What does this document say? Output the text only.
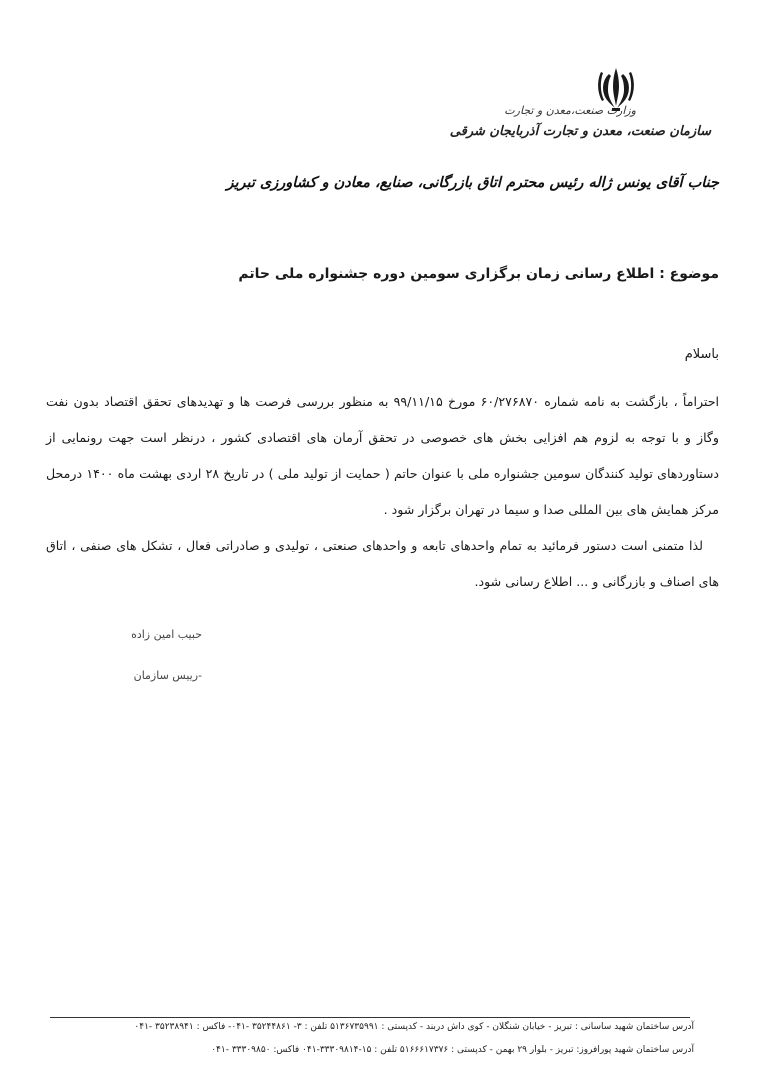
وزارت صنعت،معدن و تجارت
سازمان صنعت، معدن و تجارت آذربایجان شرقی
جناب آقای یونس ژاله رئیس محترم اتاق بازرگانی، صنایع، معادن و کشاورزی تبریز
موضوع : اطلاع رسانی زمان برگزاری سومین دوره جشنواره ملی حاتم
باسلام

احتراماً ، بازگشت به نامه شماره ۶۰/۲۷۶۸۷۰ مورخ ۹۹/۱۱/۱۵ به منظور بررسی فرصت ها و تهدیدهای تحقق اقتصاد بدون نفت وگاز و با توجه به لزوم هم افزایی بخش های خصوصی در تحقق آرمان های اقتصادی کشور ، درنظر است جهت رونمایی از دستاوردهای تولید کنندگان سومین جشنواره ملی با عنوان حاتم ( حمایت از تولید ملی ) در تاریخ ۲۸ اردی بهشت ماه ۱۴۰۰ درمحل مرکز همایش های بین المللی صدا و سیما در تهران برگزار شود .

لذا متمنی است دستور فرمائید به تمام واحدهای تابعه و واحدهای صنعتی ، تولیدی و صادراتی فعال ، تشکل های صنفی ، اتاق های اصناف و بازرگانی و ... اطلاع رسانی شود.

حبیب امین زاده
-رییس سازمان
آدرس ساختمان شهید ساسانی : تبریز - خیابان شنگلان - کوی داش دربند - کدپستی : ۵۱۳۶۷۳۵۹۹۱ تلفن : ۳- ۳۵۲۴۴۸۶۱ -۰۴۱- فاکس : ۳۵۲۳۸۹۴۱ -۰۴۱
آدرس ساختمان شهید پورافروز: تبریز - بلوار ۲۹ بهمن - کدپستی : ۵۱۶۶۶۱۷۳۷۶ تلفن : ۱۵-۳۳۳۰۹۸۱۴-۰۴۱ فاکس: ۳۳۳۰۹۸۵۰ -۰۴۱
